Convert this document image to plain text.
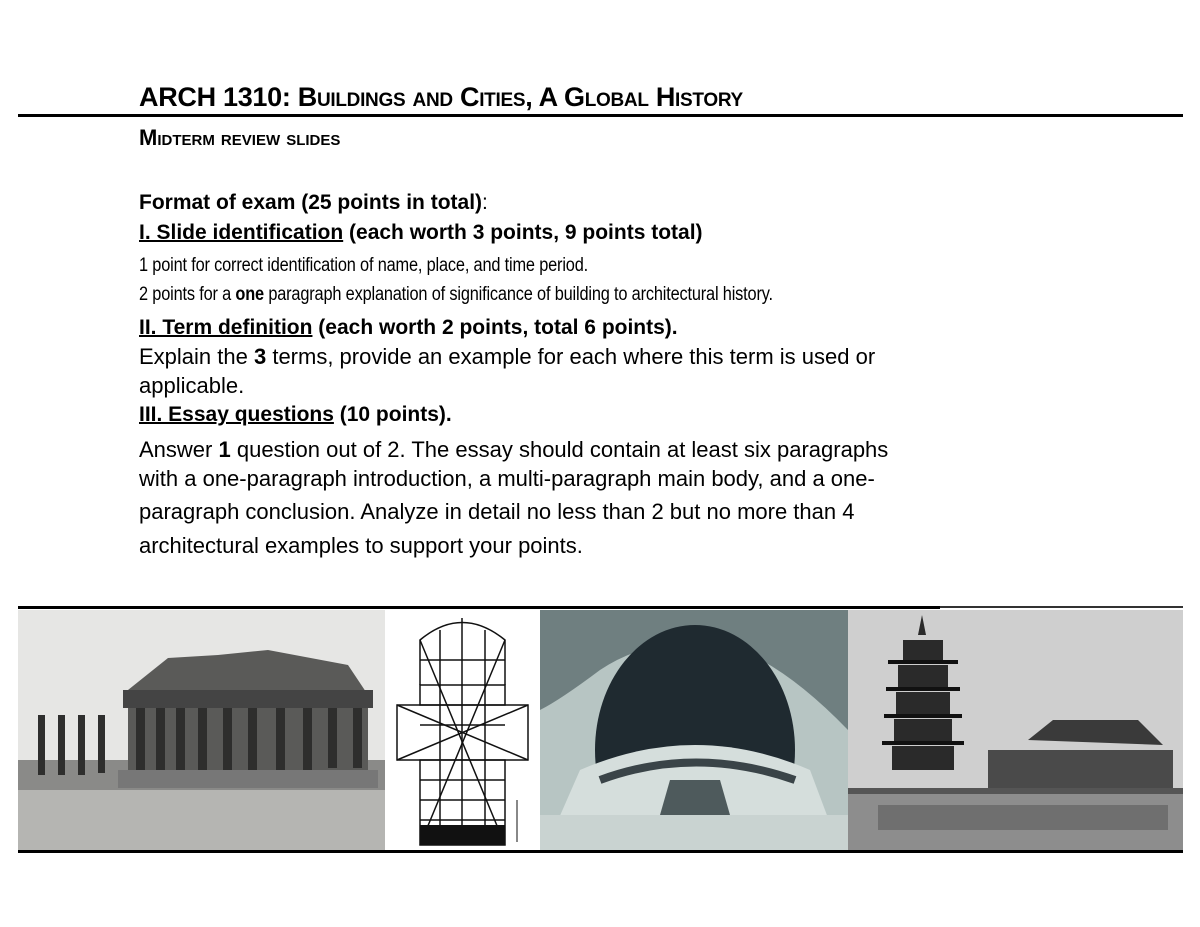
ARCH 1310: Buildings and Cities, A Global History
Midterm review slides
Format of exam (25 points in total):
I. Slide identification (each worth 3 points, 9 points total)
1 point for correct identification of name, place, and time period.
2 points for a one paragraph explanation of significance of building to architectural history.
II. Term definition (each worth 2 points, total 6 points).
Explain the 3 terms, provide an example for each where this term is used or
applicable.
III. Essay questions (10 points).
Answer 1 question out of 2. The essay should contain at least six paragraphs
with a one-paragraph introduction, a multi-paragraph main body, and a one-
paragraph conclusion. Analyze in detail no less than 2 but no more than 4
architectural examples to support your points.
